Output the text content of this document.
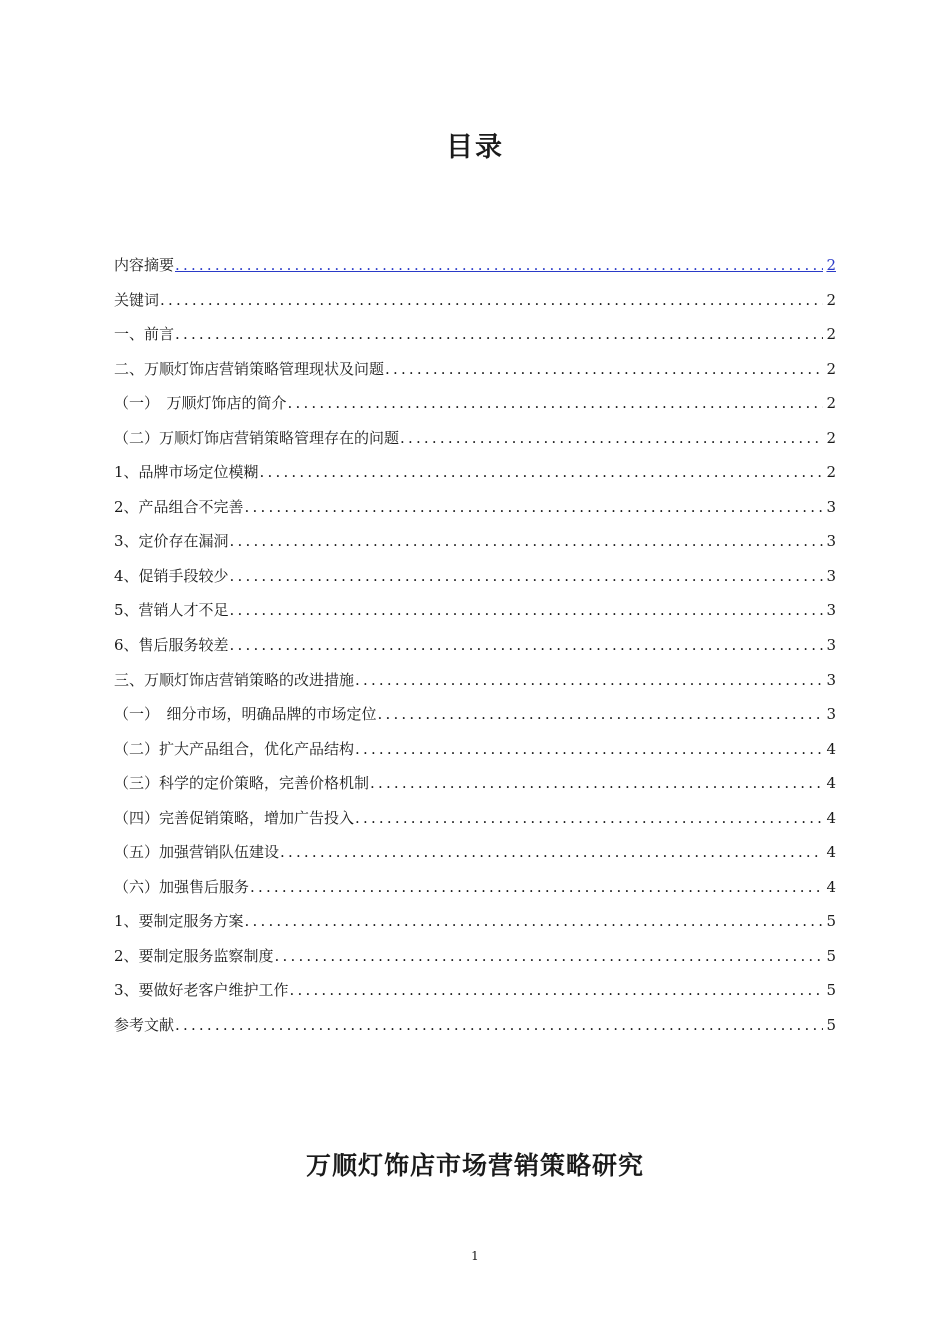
目录
内容摘要 .....	2
关键词 .....	2
一、前言 .....	2
二、万顺灯饰店营销策略管理现状及问题 .....	2
（一）　万顺灯饰店的简介 .....	2
（二）万顺灯饰店营销策略管理存在的问题 .....	2
1、品牌市场定位模糊 .....	2
2、产品组合不完善 .....	3
3、定价存在漏洞 .....	3
4、促销手段较少 .....	3
5、营销人才不足 .....	3
6、售后服务较差 .....	3
三、万顺灯饰店营销策略的改进措施 .....	3
（一）　细分市场，明确品牌的市场定位 .....	3
（二）扩大产品组合，优化产品结构 .....	4
（三）科学的定价策略，完善价格机制 .....	4
（四）完善促销策略，增加广告投入 .....	4
（五）加强营销队伍建设 .....	4
（六）加强售后服务 .....	4
1、要制定服务方案 .....	5
2、要制定服务监察制度 .....	5
3、要做好老客户维护工作 .....	5
参考文献 .....	5
万顺灯饰店市场营销策略研究
1
